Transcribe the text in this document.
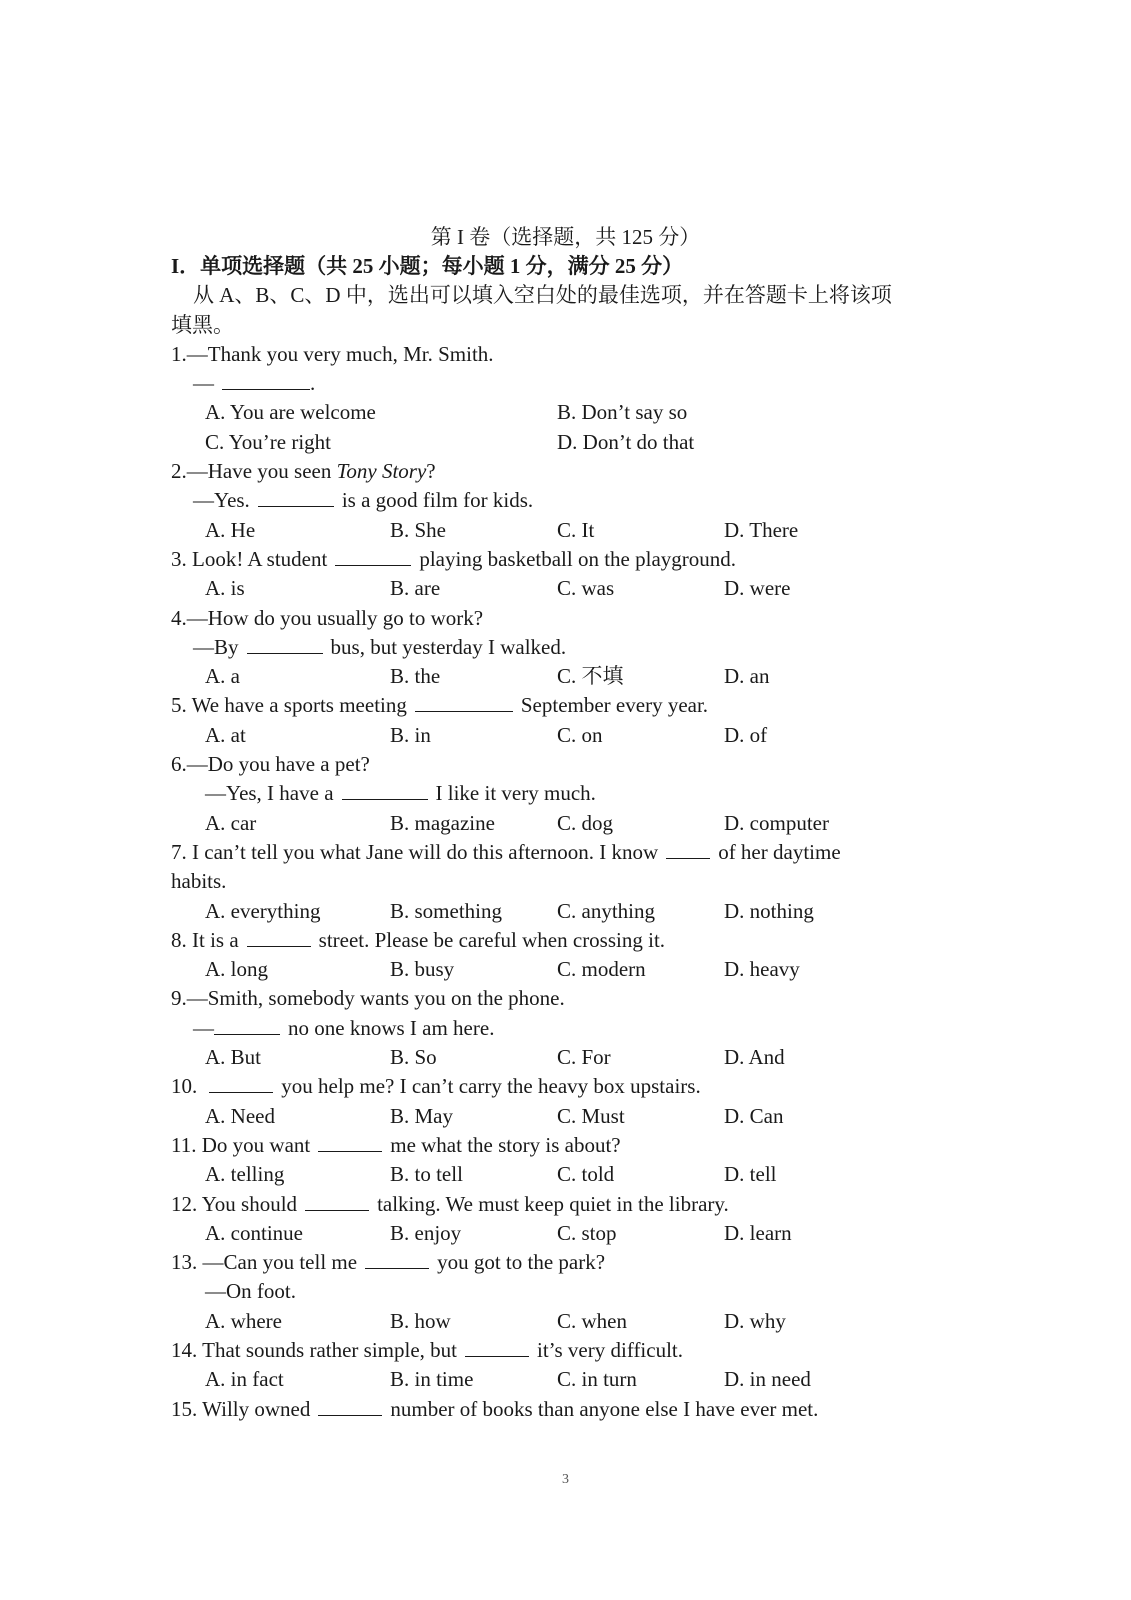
第 I 卷（选择题，共 125 分）
I．单项选择题（共 25 小题；每小题 1 分，满分 25 分）
从 A、B、C、D 中，选出可以填入空白处的最佳选项，并在答题卡上将该项
填黑。
1.—Thank you very much, Mr. Smith.
—	.
A. You are welcome	B. Don’t say so
C. You’re right	D. Don’t do that
2.—Have you seen Tony Story?
—Yes.	is a good film for kids.
A. He	B. She	C. It	D. There
3. Look! A student	playing basketball on the playground.
A. is	B. are	C. was	D. were
4.—How do you usually go to work?
—By	bus, but yesterday I walked.
A. a	B. the	C. 不填	D. an
5. We have a sports meeting	September every year.
A. at	B. in	C. on	D. of
6.—Do you have a pet?
—Yes, I have a	I like it very much.
A. car	B. magazine	C. dog	D. computer
7. I can’t tell you what Jane will do this afternoon. I know	of her daytime
habits.
A. everything	B. something	C. anything	D. nothing
8. It is a	street. Please be careful when crossing it.
A. long	B. busy	C. modern	D. heavy
9.—Smith, somebody wants you on the phone.
—	no one knows I am here.
A. But	B. So	C. For	D. And
10.	you help me? I can’t carry the heavy box upstairs.
A. Need	B. May	C. Must	D. Can
11. Do you want	me what the story is about?
A. telling	B. to tell	C. told	D. tell
12. You should	talking. We must keep quiet in the library.
A. continue	B. enjoy	C. stop	D. learn
13. —Can you tell me	you got to the park?
—On foot.
A. where	B. how	C. when	D. why
14. That sounds rather simple, but	it’s very difficult.
A. in fact	B. in time	C. in turn	D. in need
15. Willy owned	number of books than anyone else I have ever met.
3
